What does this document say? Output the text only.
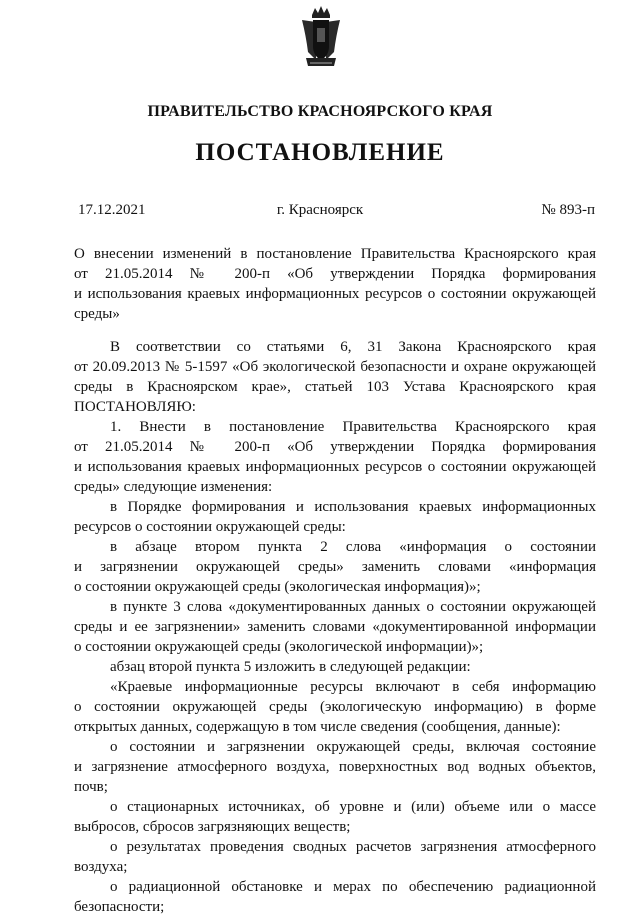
ПРАВИТЕЛЬСТВО КРАСНОЯРСКОГО КРАЯ
ПОСТАНОВЛЕНИЕ
17.12.2021	г. Красноярск	№ 893-п
О внесении изменений в постановление Правительства Красноярского края
от 21.05.2014 № 200-п «Об утверждении Порядка формирования
и использования краевых информационных ресурсов о состоянии окружающей
среды»
В соответствии со статьями 6, 31 Закона Красноярского края
от 20.09.2013 № 5-1597 «Об экологической безопасности и охране окружающей
среды в Красноярском крае», статьей 103 Устава Красноярского края
ПОСТАНОВЛЯЮ:
1. Внести в постановление Правительства Красноярского края
от 21.05.2014 № 200-п «Об утверждении Порядка формирования
и использования краевых информационных ресурсов о состоянии окружающей
среды» следующие изменения:
в Порядке формирования и использования краевых информационных
ресурсов о состоянии окружающей среды:
в абзаце втором пункта 2 слова «информация о состоянии
и загрязнении окружающей среды» заменить словами «информация
о состоянии окружающей среды (экологическая информация)»;
в пункте 3 слова «документированных данных о состоянии окружающей
среды и ее загрязнении» заменить словами «документированной информации
о состоянии окружающей среды (экологической информации)»;
абзац второй пункта 5 изложить в следующей редакции:
«Краевые информационные ресурсы включают в себя информацию
о состоянии окружающей среды (экологическую информацию) в форме
открытых данных, содержащую в том числе сведения (сообщения, данные):
о состоянии и загрязнении окружающей среды, включая состояние
и загрязнение атмосферного воздуха, поверхностных вод водных объектов,
почв;
о стационарных источниках, об уровне и (или) объеме или о массе
выбросов, сбросов загрязняющих веществ;
о результатах проведения сводных расчетов загрязнения атмосферного
воздуха;
о радиационной обстановке и мерах по обеспечению радиационной
безопасности;
